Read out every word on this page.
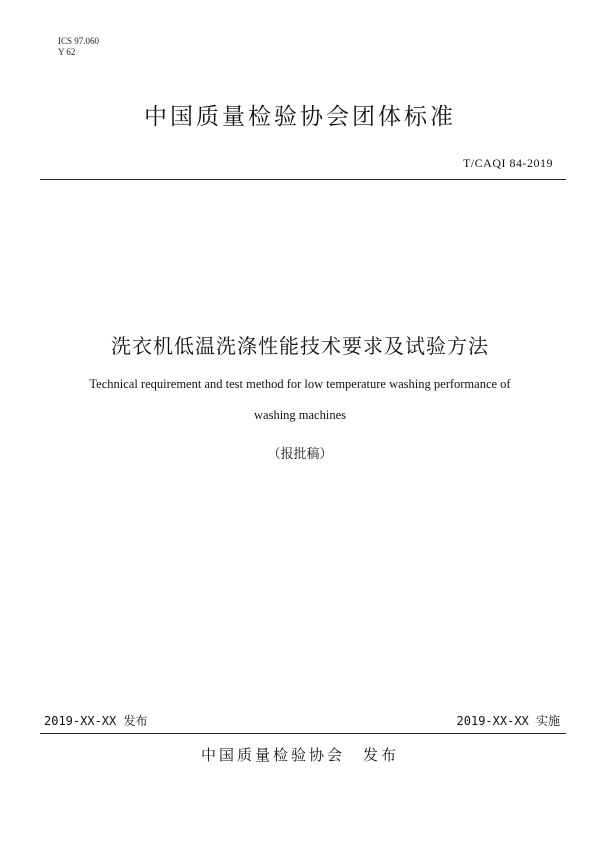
ICS 97.060
Y 62
中国质量检验协会团体标准
T/CAQI 84-2019
洗衣机低温洗涤性能技术要求及试验方法
Technical requirement and test method for low temperature washing performance of
washing machines
（报批稿）
2019-XX-XX 发布	2019-XX-XX 实施
中国质量检验协会 发布
